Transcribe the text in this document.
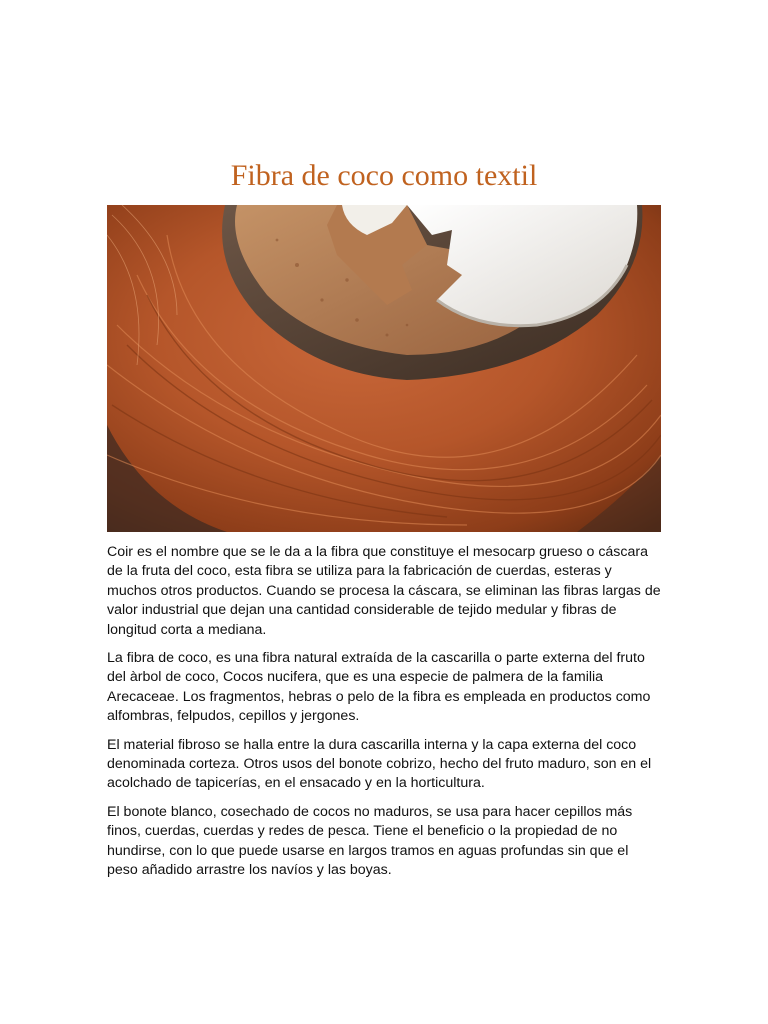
Fibra de coco como textil

Coir es el nombre que se le da a la fibra que constituye el mesocarp grueso o cáscara de la fruta del coco, esta fibra se utiliza para la fabricación de cuerdas, esteras y muchos otros productos. Cuando se procesa la cáscara, se eliminan las fibras largas de valor industrial que dejan una cantidad considerable de tejido medular y fibras de longitud corta a mediana.

La fibra de coco, es una fibra natural extraída de la cascarilla o parte externa del fruto del àrbol de coco, Cocos nucifera, que es una especie de palmera de la familia Arecaceae. Los fragmentos, hebras o pelo de la fibra es empleada en productos como alfombras, felpudos, cepillos y jergones.

El material fibroso se halla entre la dura cascarilla interna y la capa externa del coco denominada corteza. Otros usos del bonote cobrizo, hecho del fruto maduro, son en el acolchado de tapicerías, en el ensacado y en la horticultura.

El bonote blanco, cosechado de cocos no maduros, se usa para hacer cepillos más finos, cuerdas, cuerdas y redes de pesca. Tiene el beneficio o la propiedad de no hundirse, con lo que puede usarse en largos tramos en aguas profundas sin que el peso añadido arrastre los navíos y las boyas.
